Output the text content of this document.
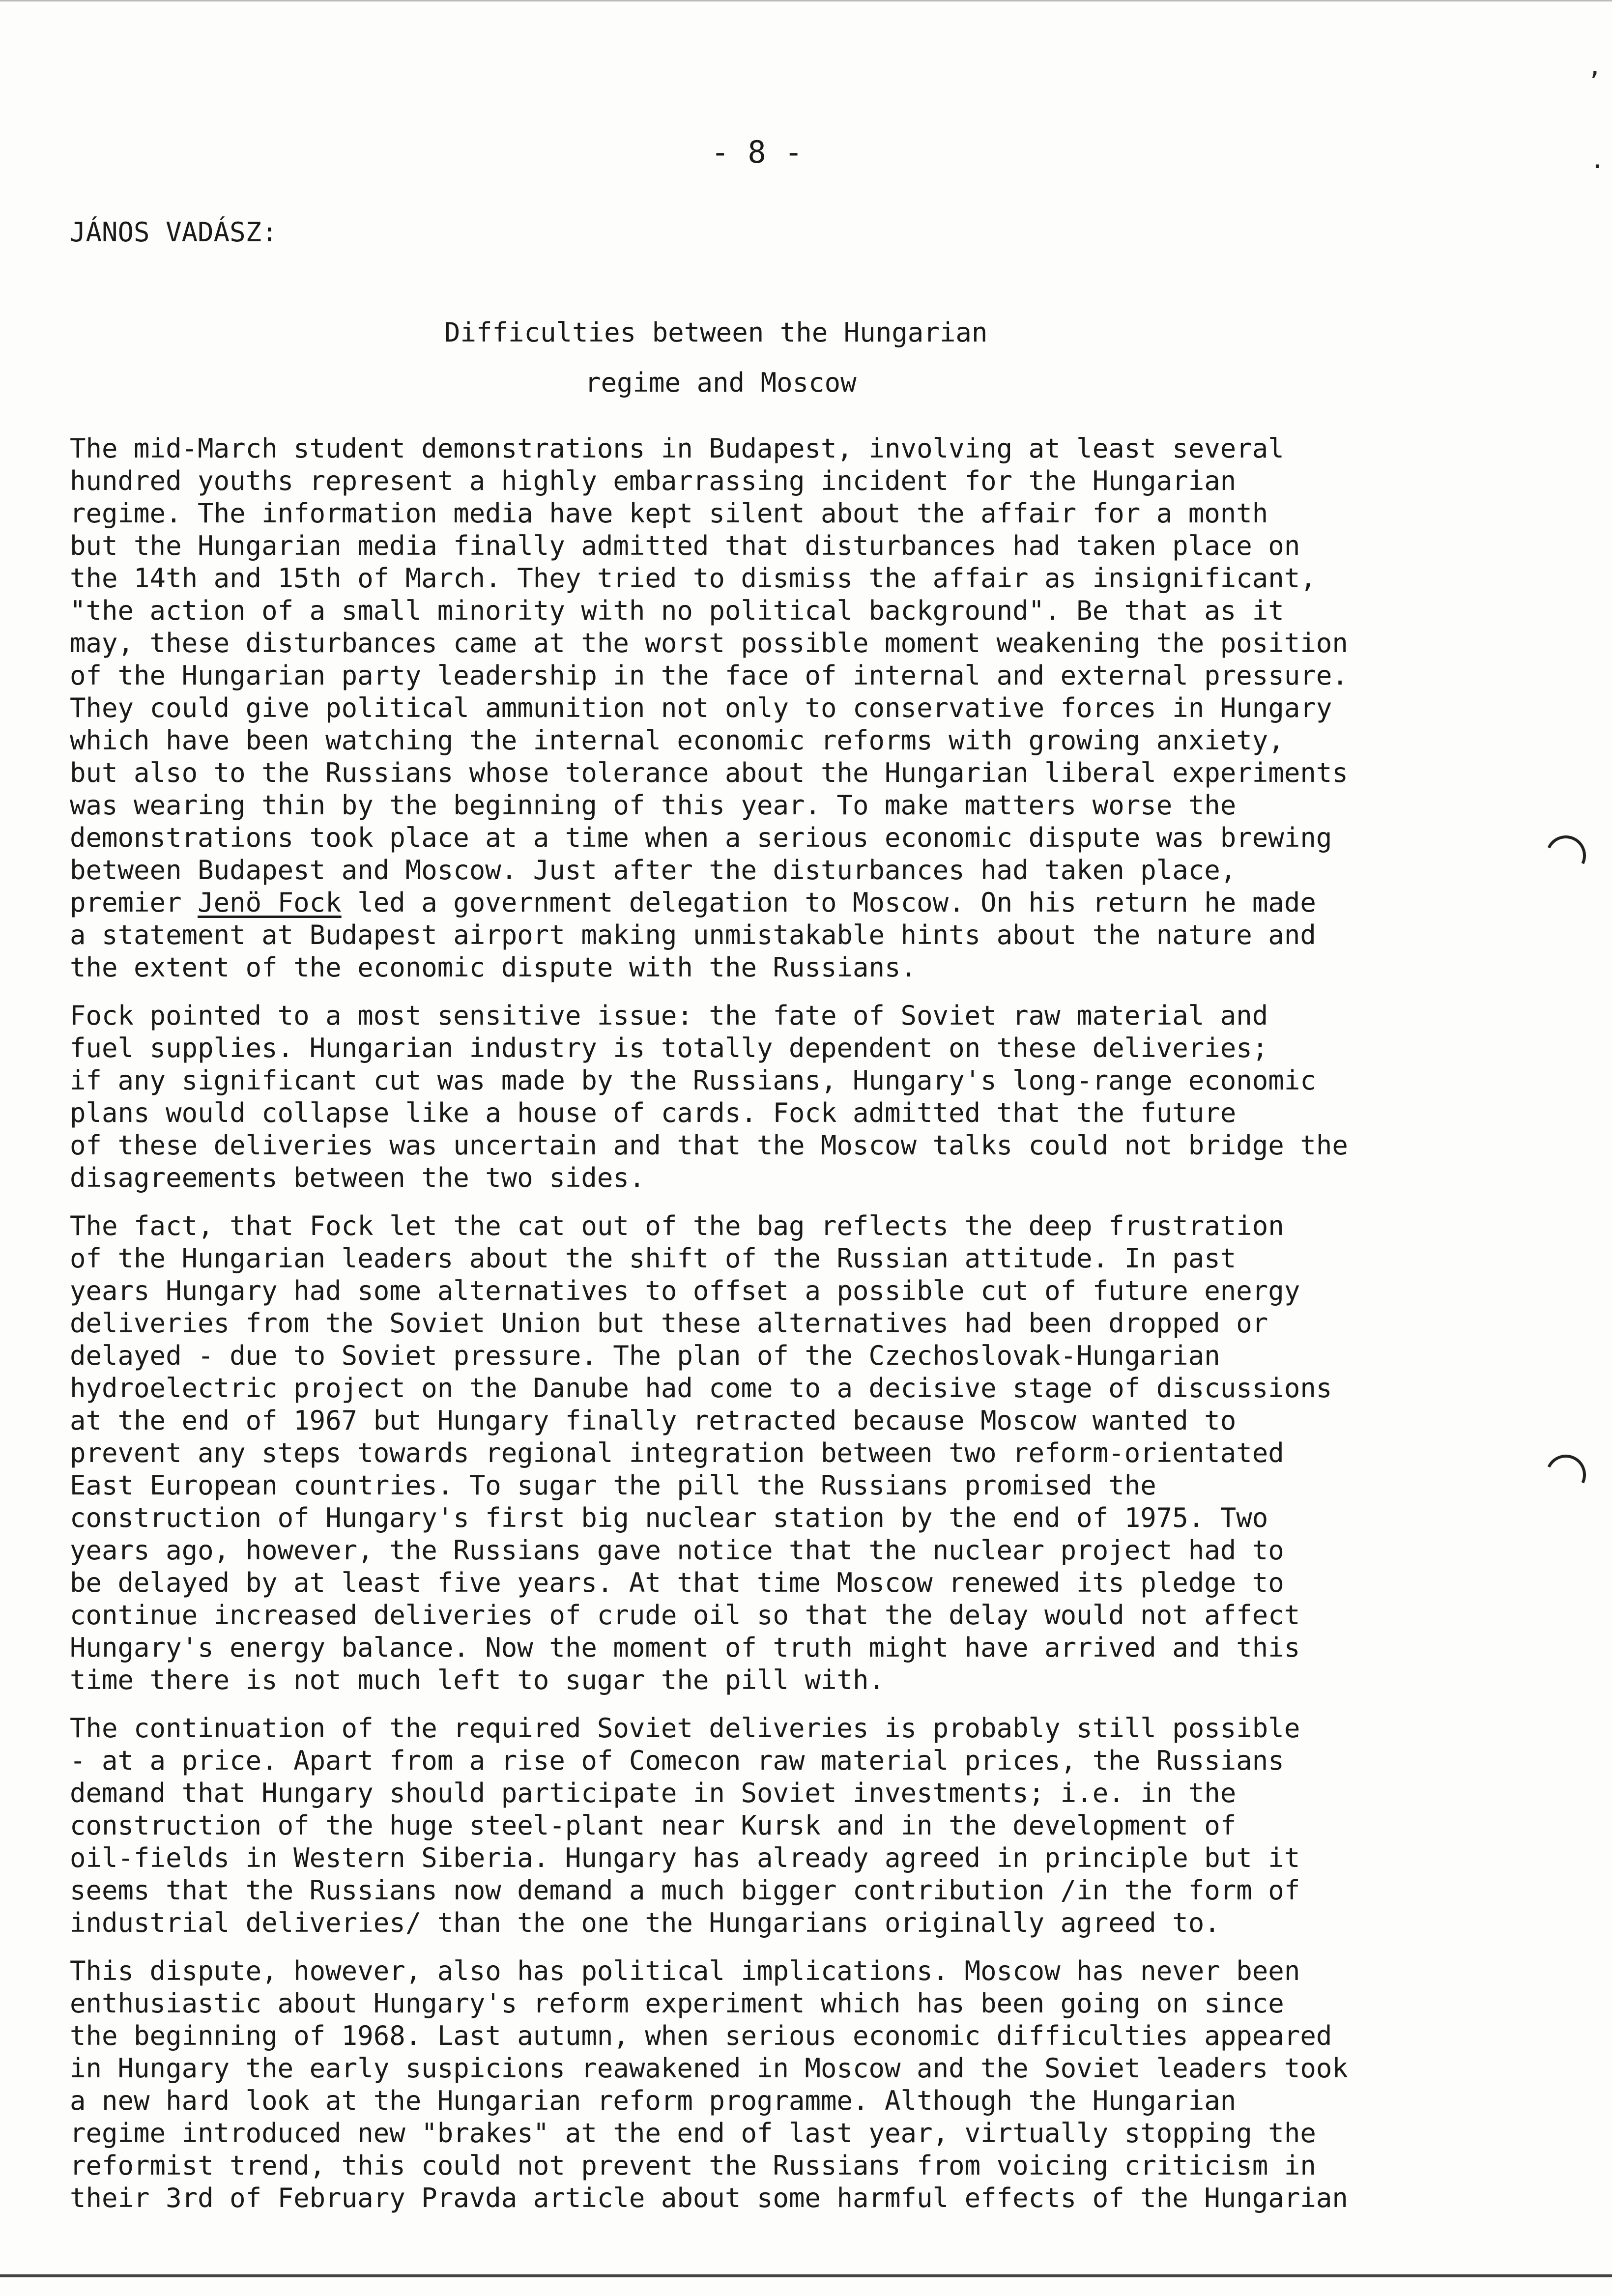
,
.
- 8 -
JÁNOS VADÁSZ:
Difficulties between the Hungarian
regime and Moscow
The mid-March student demonstrations in Budapest, involving at least several
hundred youths represent a highly embarrassing incident for the Hungarian
regime. The information media have kept silent about the affair for a month
but the Hungarian media finally admitted that disturbances had taken place on
the 14th and 15th of March. They tried to dismiss the affair as insignificant,
"the action of a small minority with no political background". Be that as it
may, these disturbances came at the worst possible moment weakening the position
of the Hungarian party leadership in the face of internal and external pressure.
They could give political ammunition not only to conservative forces in Hungary
which have been watching the internal economic reforms with growing anxiety,
but also to the Russians whose tolerance about the Hungarian liberal experiments
was wearing thin by the beginning of this year. To make matters worse the
demonstrations took place at a time when a serious economic dispute was brewing
between Budapest and Moscow. Just after the disturbances had taken place,
premier Jenö Fock led a government delegation to Moscow. On his return he made
a statement at Budapest airport making unmistakable hints about the nature and
the extent of the economic dispute with the Russians.
Fock pointed to a most sensitive issue: the fate of Soviet raw material and
fuel supplies. Hungarian industry is totally dependent on these deliveries;
if any significant cut was made by the Russians, Hungary's long-range economic
plans would collapse like a house of cards. Fock admitted that the future
of these deliveries was uncertain and that the Moscow talks could not bridge the
disagreements between the two sides.
The fact, that Fock let the cat out of the bag reflects the deep frustration
of the Hungarian leaders about the shift of the Russian attitude. In past
years Hungary had some alternatives to offset a possible cut of future energy
deliveries from the Soviet Union but these alternatives had been dropped or
delayed - due to Soviet pressure. The plan of the Czechoslovak-Hungarian
hydroelectric project on the Danube had come to a decisive stage of discussions
at the end of 1967 but Hungary finally retracted because Moscow wanted to
prevent any steps towards regional integration between two reform-orientated
East European countries. To sugar the pill the Russians promised the
construction of Hungary's first big nuclear station by the end of 1975. Two
years ago, however, the Russians gave notice that the nuclear project had to
be delayed by at least five years. At that time Moscow renewed its pledge to
continue increased deliveries of crude oil so that the delay would not affect
Hungary's energy balance. Now the moment of truth might have arrived and this
time there is not much left to sugar the pill with.
The continuation of the required Soviet deliveries is probably still possible
- at a price. Apart from a rise of Comecon raw material prices, the Russians
demand that Hungary should participate in Soviet investments; i.e. in the
construction of the huge steel-plant near Kursk and in the development of
oil-fields in Western Siberia. Hungary has already agreed in principle but it
seems that the Russians now demand a much bigger contribution /in the form of
industrial deliveries/ than the one the Hungarians originally agreed to.
This dispute, however, also has political implications. Moscow has never been
enthusiastic about Hungary's reform experiment which has been going on since
the beginning of 1968. Last autumn, when serious economic difficulties appeared
in Hungary the early suspicions reawakened in Moscow and the Soviet leaders took
a new hard look at the Hungarian reform programme. Although the Hungarian
regime introduced new "brakes" at the end of last year, virtually stopping the
reformist trend, this could not prevent the Russians from voicing criticism in
their 3rd of February Pravda article about some harmful effects of the Hungarian
